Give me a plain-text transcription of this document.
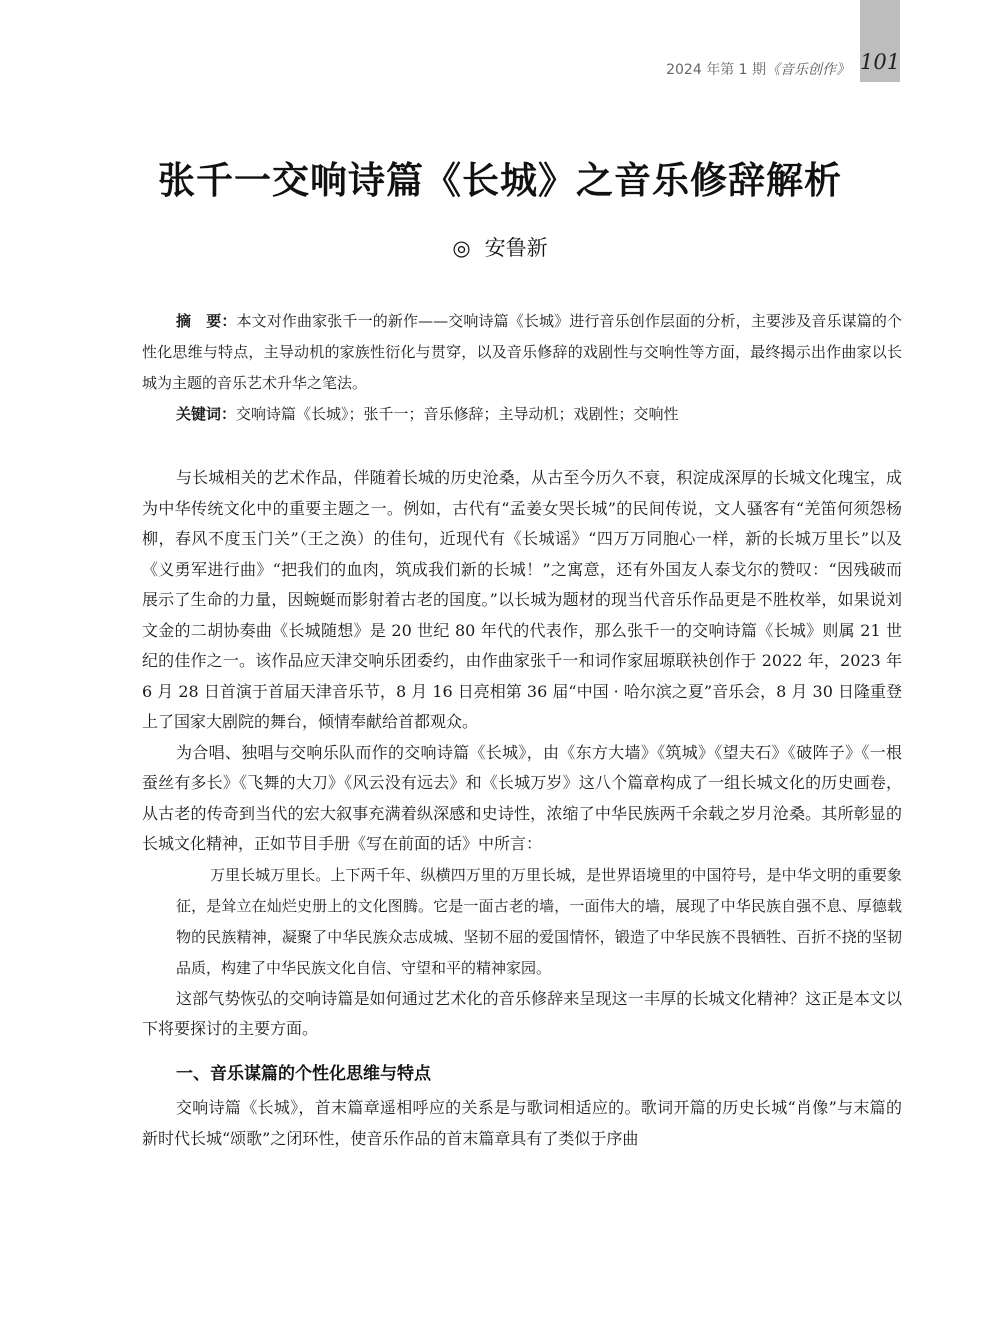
101
2024 年第 1 期《音乐创作》
张千一交响诗篇《长城》之音乐修辞解析
◎ 安鲁新
摘　要：本文对作曲家张千一的新作——交响诗篇《长城》进行音乐创作层面的分析，主要涉及音乐谋篇的个性化思维与特点，主导动机的家族性衍化与贯穿，以及音乐修辞的戏剧性与交响性等方面，最终揭示出作曲家以长城为主题的音乐艺术升华之笔法。
关键词：交响诗篇《长城》；张千一；音乐修辞；主导动机；戏剧性；交响性

与长城相关的艺术作品，伴随着长城的历史沧桑，从古至今历久不衰，积淀成深厚的长城文化瑰宝，成为中华传统文化中的重要主题之一。例如，古代有“孟姜女哭长城”的民间传说，文人骚客有“羌笛何须怨杨柳，春风不度玉门关”（王之涣）的佳句，近现代有《长城谣》“四万万同胞心一样，新的长城万里长”以及《义勇军进行曲》“把我们的血肉，筑成我们新的长城！”之寓意，还有外国友人泰戈尔的赞叹：“因残破而展示了生命的力量，因蜿蜒而影射着古老的国度。”以长城为题材的现当代音乐作品更是不胜枚举，如果说刘文金的二胡协奏曲《长城随想》是 20 世纪 80 年代的代表作，那么张千一的交响诗篇《长城》则属 21 世纪的佳作之一。该作品应天津交响乐团委约，由作曲家张千一和词作家屈塬联袂创作于 2022 年，2023 年 6 月 28 日首演于首届天津音乐节，8 月 16 日亮相第 36 届“中国 · 哈尔滨之夏”音乐会，8 月 30 日隆重登上了国家大剧院的舞台，倾情奉献给首都观众。

为合唱、独唱与交响乐队而作的交响诗篇《长城》，由《东方大墙》《筑城》《望夫石》《破阵子》《一根蚕丝有多长》《飞舞的大刀》《风云没有远去》和《长城万岁》这八个篇章构成了一组长城文化的历史画卷，从古老的传奇到当代的宏大叙事充满着纵深感和史诗性，浓缩了中华民族两千余载之岁月沧桑。其所彰显的长城文化精神，正如节目手册《写在前面的话》中所言：

万里长城万里长。上下两千年、纵横四万里的万里长城，是世界语境里的中国符号，是中华文明的重要象征，是耸立在灿烂史册上的文化图腾。它是一面古老的墙，一面伟大的墙，展现了中华民族自强不息、厚德载物的民族精神，凝聚了中华民族众志成城、坚韧不屈的爱国情怀，锻造了中华民族不畏牺牲、百折不挠的坚韧品质，构建了中华民族文化自信、守望和平的精神家园。

这部气势恢弘的交响诗篇是如何通过艺术化的音乐修辞来呈现这一丰厚的长城文化精神？这正是本文以下将要探讨的主要方面。

一、音乐谋篇的个性化思维与特点

交响诗篇《长城》，首末篇章遥相呼应的关系是与歌词相适应的。歌词开篇的历史长城“肖像”与末篇的新时代长城“颂歌”之闭环性，使音乐作品的首末篇章具有了类似于序曲
